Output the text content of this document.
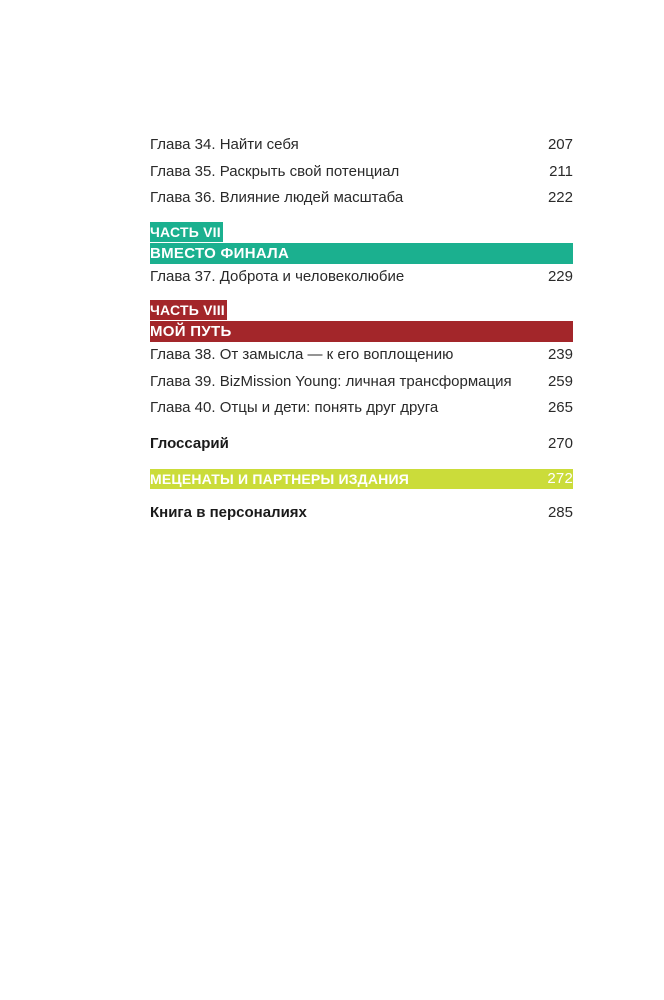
Глава 34. Найти себя	207
Глава 35. Раскрыть свой потенциал	211
Глава 36. Влияние людей масштаба	222
ЧАСТЬ VII
ВМЕСТО ФИНАЛА
Глава 37. Доброта и человеколюбие	229
ЧАСТЬ VIII
МОЙ ПУТЬ
Глава 38. От замысла — к его воплощению	239
Глава 39. BizMission Young: личная трансформация 259
Глава 40. Отцы и дети: понять друг друга	265
Глоссарий	270
МЕЦЕНАТЫ И ПАРТНЕРЫ ИЗДАНИЯ	272
Книга в персоналиях	285
